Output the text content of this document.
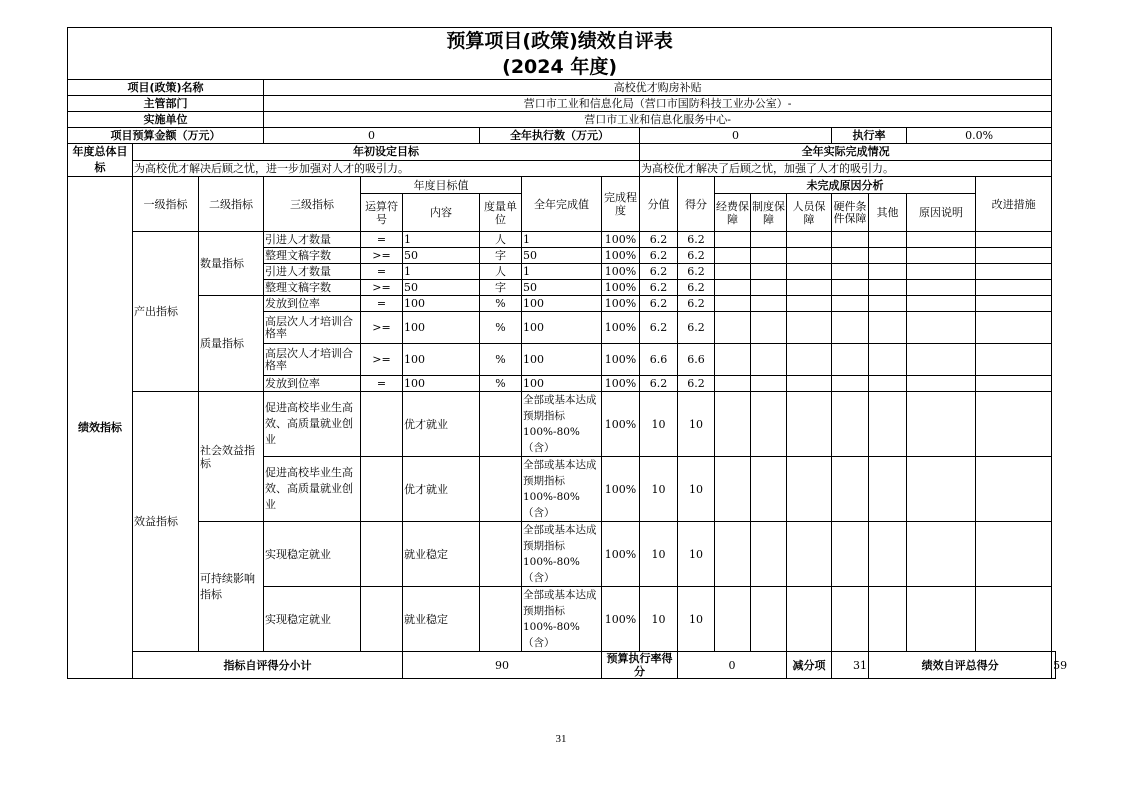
预算项目(政策)绩效自评表																		
(2024 年度)																		
项目(政策)名称			高校优才购房补贴															
主管部门			营口市工业和信息化局（营口市国防科技工业办公室）-															
实施单位			营口市工业和信息化服务中心-															
项目预算金额（万元）			0			全年执行数（万元）			0					执行率		0.0%		
年度总体目标	年初设定目标								全年实际完成情况									
	为高校优才解决后顾之忧，进一步加强对人才的吸引力。								为高校优才解决了后顾之忧，加强了人才的吸引力。									
绩效指标	一级指标	二级指标	三级指标	年度目标值			全年完成值	完成程度	分值	得分	未完成原因分析						改进措施	
				运算符号	内容	度量单位					经费保障	制度保障	人员保障	硬件条件保障	其他	原因说明		
	产出指标	数量指标	引进人才数量	=	1	人	1	100%	6.2	6.2								
			整理文稿字数	>=	50	字	50	100%	6.2	6.2								
			引进人才数量	=	1	人	1	100%	6.2	6.2								
			整理文稿字数	>=	50	字	50	100%	6.2	6.2								
		质量指标	发放到位率	=	100	%	100	100%	6.2	6.2								
			高层次人才培训合格率	>=	100	%	100	100%	6.2	6.2								
			高层次人才培训合格率	>=	100	%	100	100%	6.6	6.6								
			发放到位率	=	100	%	100	100%	6.2	6.2								
	效益指标	社会效益指标	促进高校毕业生高效、高质量就业创业		优才就业		全部或基本达成预期指标100%-80%（含）	100%	10	10								
			促进高校毕业生高效、高质量就业创业		优才就业		全部或基本达成预期指标100%-80%（含）	100%	10	10								
		可持续影响指标	实现稳定就业		就业稳定		全部或基本达成预期指标100%-80%（含）	100%	10	10								
			实现稳定就业		就业稳定		全部或基本达成预期指标100%-80%（含）	100%	10	10								
	指标自评得分小计				90			预算执行率得分		0			减分项	31	绩效自评总得分			59
31
